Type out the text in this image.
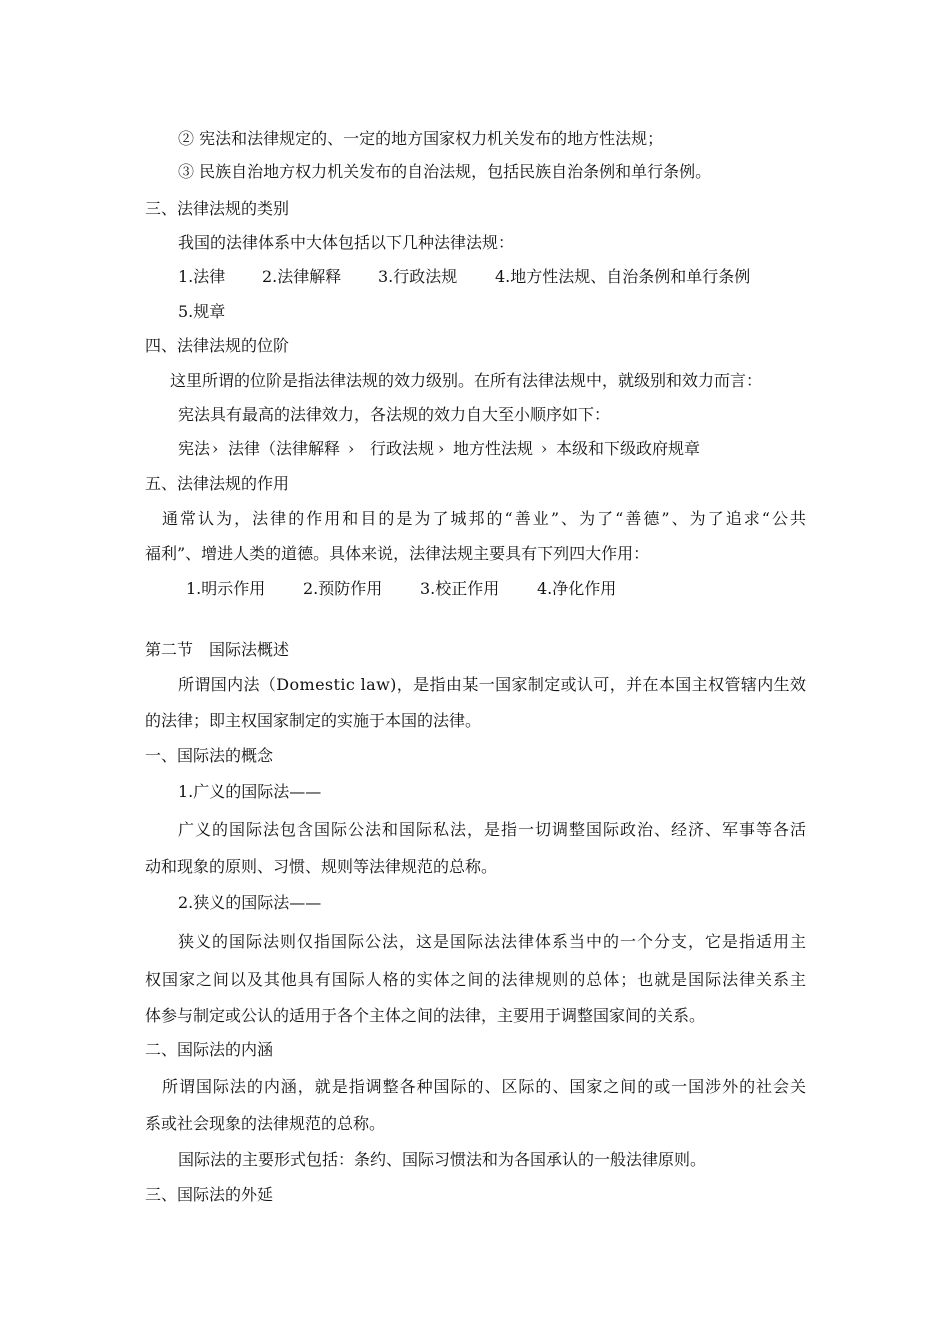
② 宪法和法律规定的、一定的地方国家权力机关发布的地方性法规；
③ 民族自治地方权力机关发布的自治法规，包括民族自治条例和单行条例。
三、法律法规的类别
我国的法律体系中大体包括以下几种法律法规：
1.法律 2.法律解释 3.行政法规 4.地方性法规、自治条例和单行条例
5.规章
四、法律法规的位阶
这里所谓的位阶是指法律法规的效力级别。在所有法律法规中，就级别和效力而言：
宪法具有最高的法律效力，各法规的效力自大至小顺序如下：
宪法 › 法律（法律解释 › 行政法规 › 地方性法规 › 本级和下级政府规章
五、法律法规的作用
通常认为，法律的作用和目的是为了城邦的“善业”、为了“善德”、为了追求“公共
福利”、增进人类的道德。具体来说，法律法规主要具有下列四大作用：
1.明示作用 2.预防作用 3.校正作用 4.净化作用
第二节　国际法概述
所谓国内法（Domestic law)，是指由某一国家制定或认可，并在本国主权管辖内生效
的法律；即主权国家制定的实施于本国的法律。
一、国际法的概念
1.广义的国际法——
广义的国际法包含国际公法和国际私法，是指一切调整国际政治、经济、军事等各活
动和现象的原则、习惯、规则等法律规范的总称。
2.狭义的国际法——
狭义的国际法则仅指国际公法，这是国际法法律体系当中的一个分支，它是指适用主
权国家之间以及其他具有国际人格的实体之间的法律规则的总体；也就是国际法律关系主
体参与制定或公认的适用于各个主体之间的法律，主要用于调整国家间的关系。
二、国际法的内涵
所谓国际法的内涵，就是指调整各种国际的、区际的、国家之间的或一国涉外的社会关
系或社会现象的法律规范的总称。
国际法的主要形式包括：条约、国际习惯法和为各国承认的一般法律原则。
三、国际法的外延
